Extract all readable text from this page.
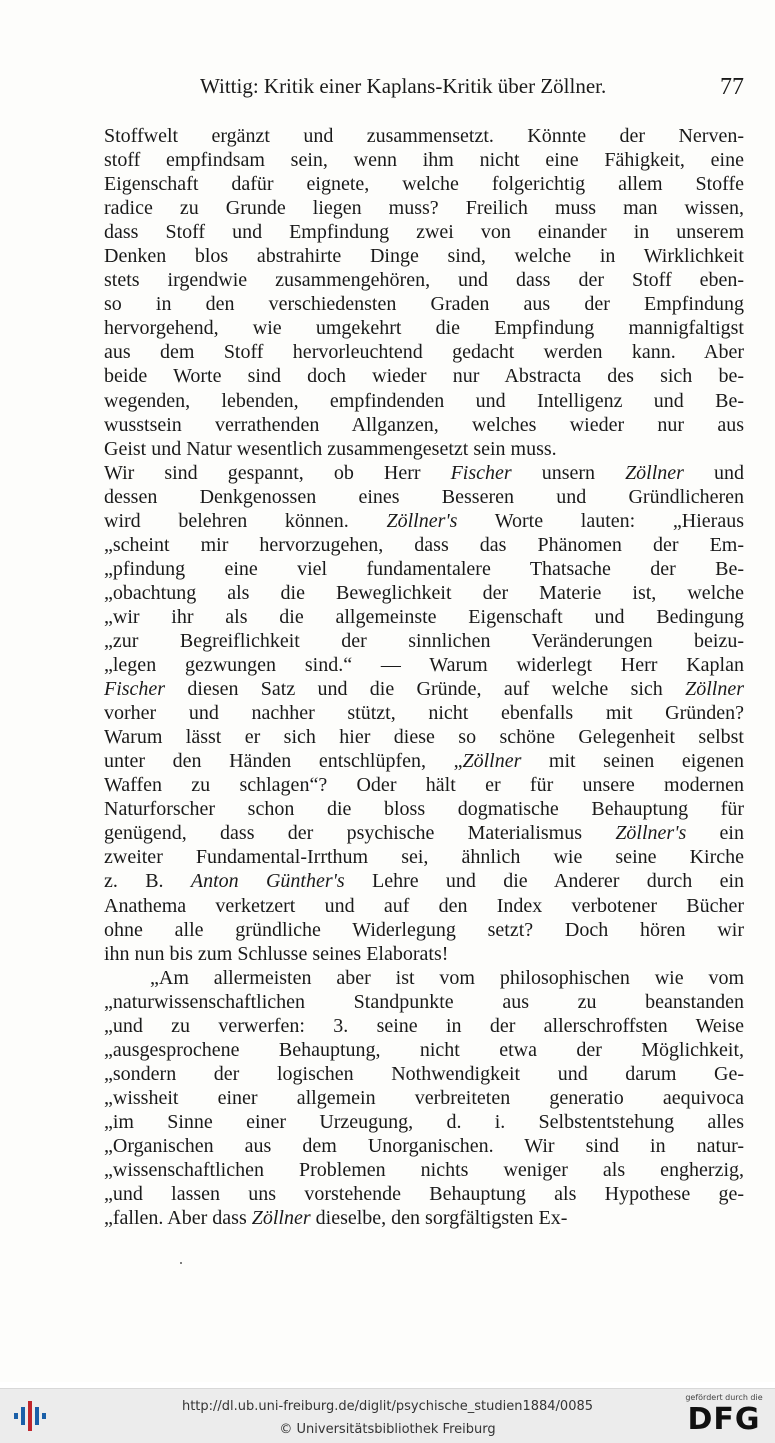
Wittig: Kritik einer Kaplans-Kritik über Zöllner.	77
Stoffwelt ergänzt und zusammensetzt. Könnte der Nerven-
stoff empfindsam sein, wenn ihm nicht eine Fähigkeit, eine
Eigenschaft dafür eignete, welche folgerichtig allem Stoffe
radice zu Grunde liegen muss? Freilich muss man wissen,
dass Stoff und Empfindung zwei von einander in unserem
Denken blos abstrahirte Dinge sind, welche in Wirklichkeit
stets irgendwie zusammengehören, und dass der Stoff eben-
so in den verschiedensten Graden aus der Empfindung
hervorgehend, wie umgekehrt die Empfindung mannigfaltigst
aus dem Stoff hervorleuchtend gedacht werden kann. Aber
beide Worte sind doch wieder nur Abstracta des sich be-
wegenden, lebenden, empfindenden und Intelligenz und Be-
wusstsein verrathenden Allganzen, welches wieder nur aus
Geist und Natur wesentlich zusammengesetzt sein muss.
Wir sind gespannt, ob Herr Fischer unsern Zöllner und
dessen Denkgenossen eines Besseren und Gründlicheren
wird belehren können. Zöllner's Worte lauten: „Hieraus
„scheint mir hervorzugehen, dass das Phänomen der Em-
„pfindung eine viel fundamentalere Thatsache der Be-
„obachtung als die Beweglichkeit der Materie ist, welche
„wir ihr als die allgemeinste Eigenschaft und Bedingung
„zur Begreiflichkeit der sinnlichen Veränderungen beizu-
„legen gezwungen sind.“ — Warum widerlegt Herr Kaplan
Fischer diesen Satz und die Gründe, auf welche sich Zöllner
vorher und nachher stützt, nicht ebenfalls mit Gründen?
Warum lässt er sich hier diese so schöne Gelegenheit selbst
unter den Händen entschlüpfen, „Zöllner mit seinen eigenen
Waffen zu schlagen“? Oder hält er für unsere modernen
Naturforscher schon die bloss dogmatische Behauptung für
genügend, dass der psychische Materialismus Zöllner's ein
zweiter Fundamental-Irrthum sei, ähnlich wie seine Kirche
z. B. Anton Günther's Lehre und die Anderer durch ein
Anathema verketzert und auf den Index verbotener Bücher
ohne alle gründliche Widerlegung setzt? Doch hören wir
ihn nun bis zum Schlusse seines Elaborats!
„Am allermeisten aber ist vom philosophischen wie vom
„naturwissenschaftlichen Standpunkte aus zu beanstanden
„und zu verwerfen: 3. seine in der allerschroffsten Weise
„ausgesprochene Behauptung, nicht etwa der Möglichkeit,
„sondern der logischen Nothwendigkeit und darum Ge-
„wissheit einer allgemein verbreiteten generatio aequivoca
„im Sinne einer Urzeugung, d. i. Selbstentstehung alles
„Organischen aus dem Unorganischen. Wir sind in natur-
„wissenschaftlichen Problemen nichts weniger als engherzig,
„und lassen uns vorstehende Behauptung als Hypothese ge-
„fallen. Aber dass Zöllner dieselbe, den sorgfältigsten Ex-
http://dl.ub.uni-freiburg.de/diglit/psychische_studien1884/0085
© Universitätsbibliothek Freiburg
gefördert durch die
DFG
